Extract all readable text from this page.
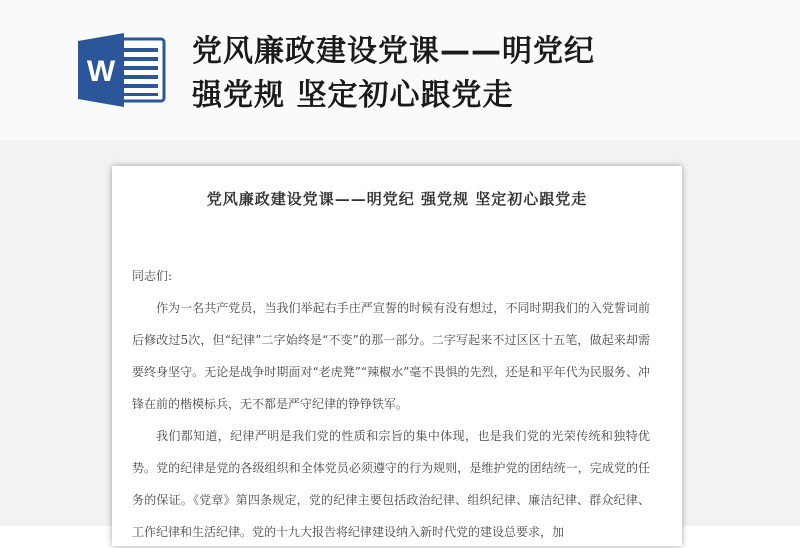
W
党风廉政建设党课——明党纪
强党规 坚定初心跟党走
党风廉政建设党课——明党纪 强党规 坚定初心跟党走

同志们:

作为一名共产党员，当我们举起右手庄严宣誓的时候有没有想过，不同时期我们的入党誓词前后修改过5次，但“纪律”二字始终是“不变”的那一部分。二字写起来不过区区十五笔，做起来却需要终身坚守。无论是战争时期面对“老虎凳”“辣椒水”毫不畏惧的先烈，还是和平年代为民服务、冲锋在前的楷模标兵，无不都是严守纪律的铮铮铁军。

我们都知道，纪律严明是我们党的性质和宗旨的集中体现，也是我们党的光荣传统和独特优势。党的纪律是党的各级组织和全体党员必须遵守的行为规则，是维护党的团结统一，完成党的任务的保证。《党章》第四条规定，党的纪律主要包括政治纪律、组织纪律、廉洁纪律、群众纪律、工作纪律和生活纪律。党的十九大报告将纪律建设纳入新时代党的建设总要求，加
